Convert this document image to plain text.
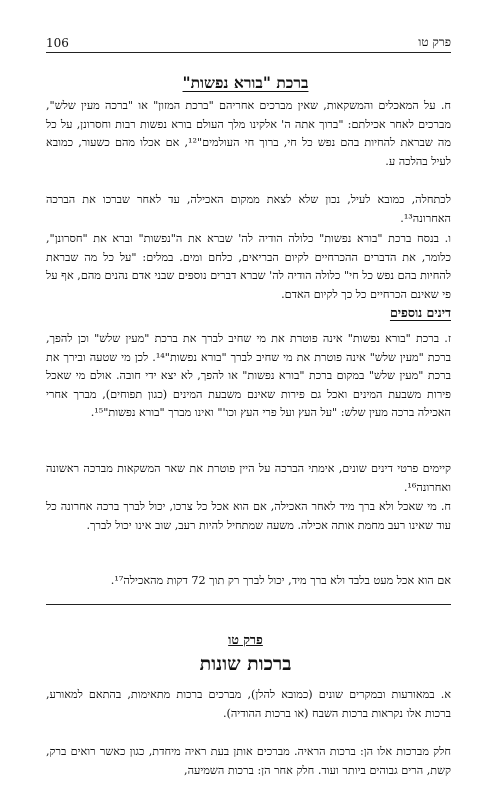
פרק טו
106
ברכת "בורא נפשות"
ח. על המאכלים והמשקאות, שאין מברכים אחריהם "ברכת המזון" או "ברכה מעין שלש", מברכים לאחר אכילתם: "ברוך אתה ה' אלקינו מלך העולם בורא נפשות רבות וחסרונן, על כל מה שבראת להחיות בהם נפש כל חי, ברוך חי העולמים"¹², אם אכלו מהם כשעור, כמובא לעיל בהלכה ע.
לכתחלה, כמובא לעיל, נכון שלא לצאת ממקום האכילה, עד לאחר שברכו את הברכה האחרונה¹³.
ו. בנסח ברכת "בורא נפשות" כלולה הודיה לה' שברא את ה"נפשות" וברא את "חסרונן", כלומר, את הדברים ההכרחיים לקיום הבריאים, כלחם ומים. במלים: "על כל מה שבראת להחיות בהם נפש כל חי" כלולה הודיה לה' שברא דברים נוספים שבני אדם נהנים מהם, אף על פי שאינם הכרחיים כל כך לקיום האדם.
דינים נוספים
ז. ברכת "בורא נפשות" אינה פוטרת את מי שחיב לברך את ברכת "מעין שלש" וכן להפך, ברכת "מעין שלש" אינה פוטרת את מי שחיב לברך "בורא נפשות"¹⁴. לכן מי שטעה ובירך את ברכת "מעין שלש" במקום ברכת "בורא נפשות" או להפך, לא יצא ידי חובה. אולם מי שאכל פירות משבעת המינים ואכל גם פירות שאינם משבעת המינים (כגון תפוחים), מברך אחרי האכילה ברכה מעין שלש: "על העץ ועל פרי העץ וכו'" ואינו מברך "בורא נפשות"¹⁵.
קיימים פרטי דינים שונים, אימתי הברכה על היין פוטרת את שאר המשקאות מברכה ראשונה ואחרונה¹⁶.
ח. מי שאכל ולא ברך מיד לאחר האכילה, אם הוא אכל כל צרכו, יכול לברך ברכה אחרונה כל עוד שאינו רעב מחמת אותה אכילה. משעה שמתחיל להיות רעב, שוב אינו יכול לברך.
אם הוא אכל מעט בלבד ולא ברך מיד, יכול לברך רק תוך 72 דקות מהאכילה¹⁷.
פרק טו
ברכות שונות
א. במאורעות ובמקרים שונים (כמובא להלן), מברכים ברכות מתאימות, בהתאם למאורע, ברכות אלו נקראות ברכות השבח (או ברכות ההודיה).
חלק מברכות אלו הן: ברכות הראיה. מברכים אותן בעת ראיה מיחדת, כגון כאשר רואים ברק, קשת, הרים גבוהים ביותר ועוד. חלק אחר הן: ברכות השמיעה,
